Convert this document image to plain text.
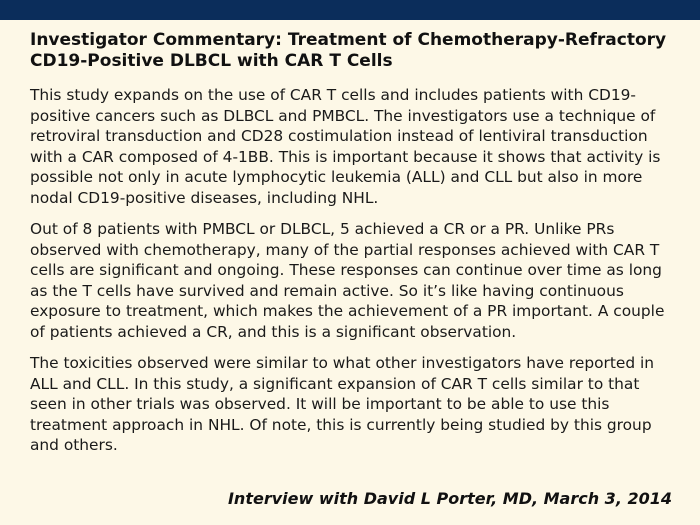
Investigator Commentary: Treatment of Chemotherapy-Refractory CD19-Positive DLBCL with CAR T Cells

This study expands on the use of CAR T cells and includes patients with CD19-positive cancers such as DLBCL and PMBCL. The investigators use a technique of retroviral transduction and CD28 costimulation instead of lentiviral transduction with a CAR composed of 4-1BB. This is important because it shows that activity is possible not only in acute lymphocytic leukemia (ALL) and CLL but also in more nodal CD19-positive diseases, including NHL.

Out of 8 patients with PMBCL or DLBCL, 5 achieved a CR or a PR. Unlike PRs observed with chemotherapy, many of the partial responses achieved with CAR T cells are significant and ongoing. These responses can continue over time as long as the T cells have survived and remain active. So it’s like having continuous exposure to treatment, which makes the achievement of a PR important. A couple of patients achieved a CR, and this is a significant observation.

The toxicities observed were similar to what other investigators have reported in ALL and CLL. In this study, a significant expansion of CAR T cells similar to that seen in other trials was observed. It will be important to be able to use this treatment approach in NHL. Of note, this is currently being studied by this group and others.

Interview with David L Porter, MD, March 3, 2014
